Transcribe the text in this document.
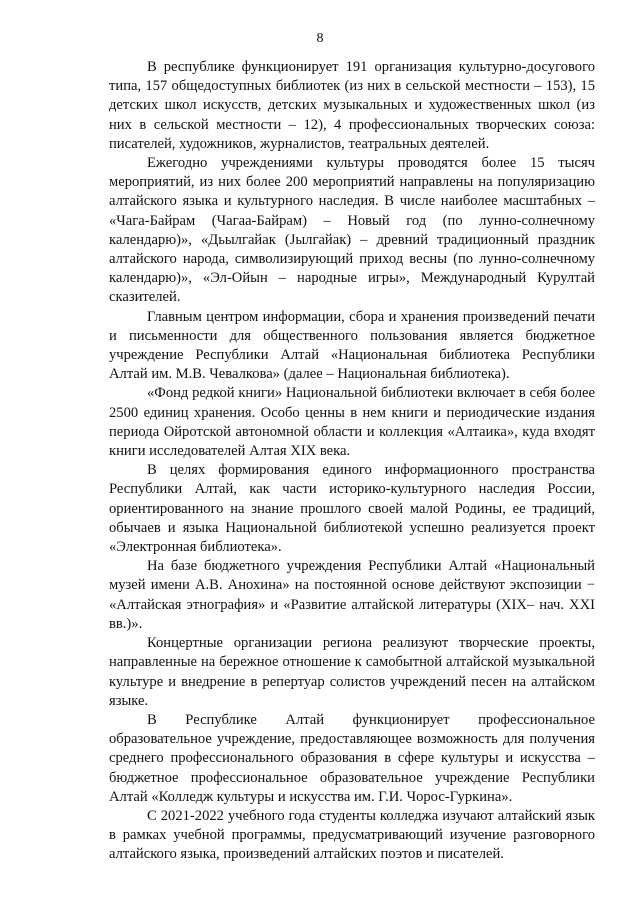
8

В республике функционирует 191 организация культурно-досугового типа, 157 общедоступных библиотек (из них в сельской местности – 153), 15 детских школ искусств, детских музыкальных и художественных школ (из них в сельской местности – 12), 4 профессиональных творческих союза: писателей, художников, журналистов, театральных деятелей.

Ежегодно учреждениями культуры проводятся более 15 тысяч мероприятий, из них более 200 мероприятий направлены на популяризацию алтайского языка и культурного наследия. В числе наиболее масштабных – «Чага-Байрам (Чагаа-Байрам) – Новый год (по лунно-солнечному календарю)», «Дьылгайак (Јылгайак) – древний традиционный праздник алтайского народа, символизирующий приход весны (по лунно-солнечному календарю)», «Эл-Ойын – народные игры», Международный Курултай сказителей.

Главным центром информации, сбора и хранения произведений печати и письменности для общественного пользования является бюджетное учреждение Республики Алтай «Национальная библиотека Республики Алтай им. М.В. Чевалкова» (далее – Национальная библиотека).

«Фонд редкой книги» Национальной библиотеки включает в себя более 2500 единиц хранения. Особо ценны в нем книги и периодические издания периода Ойротской автономной области и коллекция «Алтаика», куда входят книги исследователей Алтая XIX века.

В целях формирования единого информационного пространства Республики Алтай, как части историко-культурного наследия России, ориентированного на знание прошлого своей малой Родины, ее традиций, обычаев и языка Национальной библиотекой успешно реализуется проект «Электронная библиотека».

На базе бюджетного учреждения Республики Алтай «Национальный музей имени А.В. Анохина» на постоянной основе действуют экспозиции − «Алтайская этнография» и «Развитие алтайской литературы (XIX– нач. XXI вв.)».

Концертные организации региона реализуют творческие проекты, направленные на бережное отношение к самобытной алтайской музыкальной культуре и внедрение в репертуар солистов учреждений песен на алтайском языке.

В Республике Алтай функционирует профессиональное образовательное учреждение, предоставляющее возможность для получения среднего профессионального образования в сфере культуры и искусства – бюджетное профессиональное образовательное учреждение Республики Алтай «Колледж культуры и искусства им. Г.И. Чорос-Гуркина».

С 2021-2022 учебного года студенты колледжа изучают алтайский язык в рамках учебной программы, предусматривающий изучение разговорного алтайского языка, произведений алтайских поэтов и писателей.
